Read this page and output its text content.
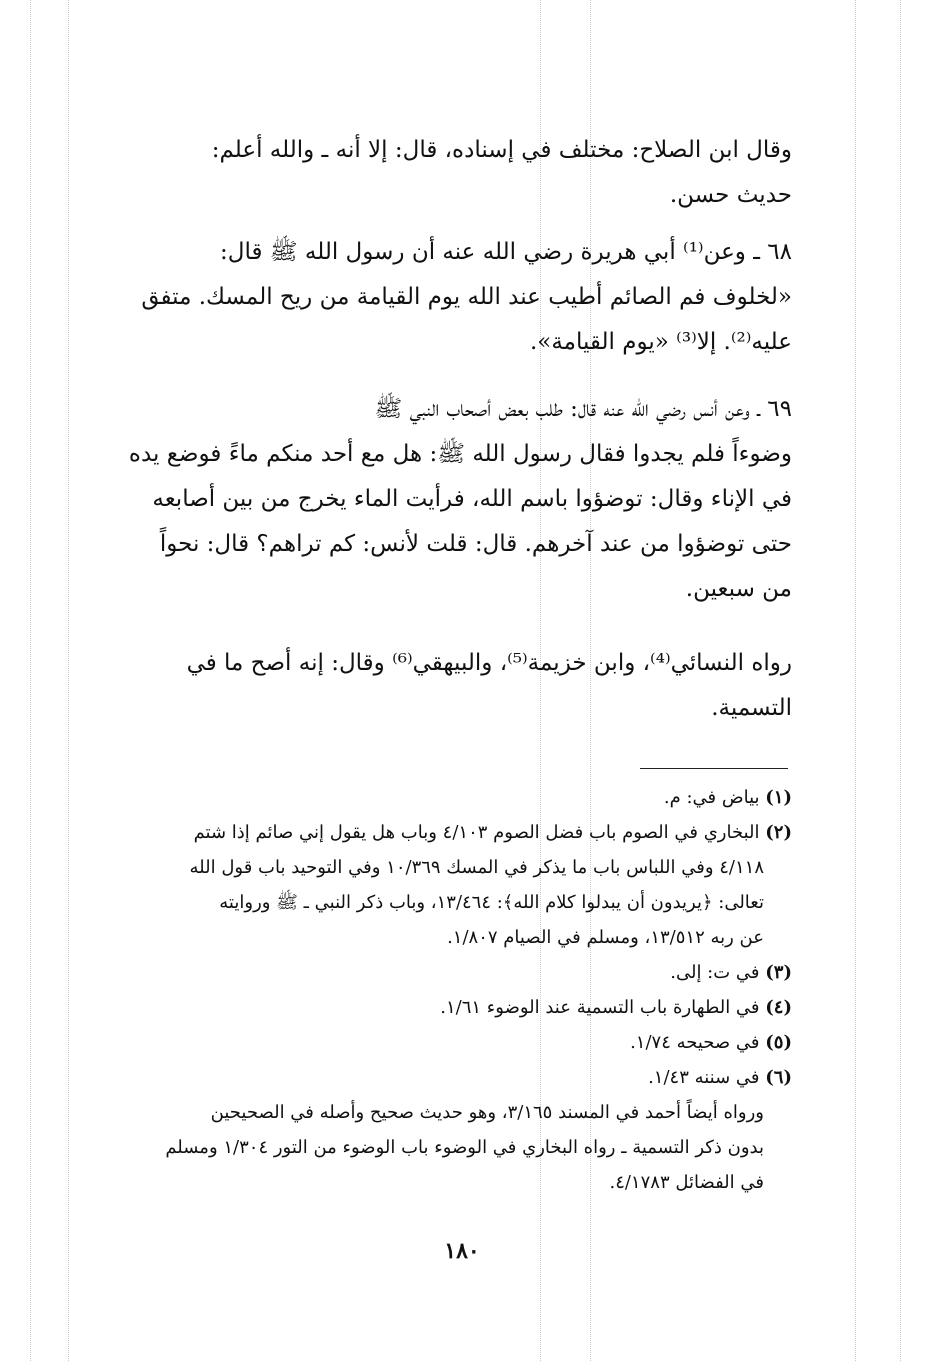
وقال ابن الصلاح: مختلف في إسناده، قال: إلا أنه ـ والله أعلم:
حديث حسن.
٦٨ ـ وعن⁽¹⁾ أبي هريرة رضي الله عنه أن رسول الله ﷺ قال:
«لخلوف فم الصائم أطيب عند الله يوم القيامة من ريح المسك. متفق
عليه⁽²⁾. إلا⁽³⁾ «يوم القيامة».
٦٩ ـ وعن أنس رضي الله عنه قال: طلب بعض أصحاب النبي ﷺ
وضوءاً فلم يجدوا فقال رسول الله ﷺ: هل مع أحد منكم ماءً فوضع يده
في الإناء وقال: توضؤوا باسم الله، فرأيت الماء يخرج من بين أصابعه
حتى توضؤوا من عند آخرهم. قال: قلت لأنس: كم تراهم؟ قال: نحواً
من سبعين.
رواه النسائي⁽⁴⁾، وابن خزيمة⁽⁵⁾، والبيهقي⁽⁶⁾ وقال: إنه أصح ما في
التسمية.

(١) بياض في: م.

(٢) البخاري في الصوم باب فضل الصوم ٤/١٠٣ وباب هل يقول إني صائم إذا شتم

٤/١١٨ وفي اللباس باب ما يذكر في المسك ١٠/٣٦٩ وفي التوحيد باب قول الله

تعالى: ﴿يريدون أن يبدلوا كلام الله﴾: ١٣/٤٦٤، وباب ذكر النبي ـ ﷺ وروايته

عن ربه ١٣/٥١٢، ومسلم في الصيام ١/٨٠٧.

(٣) في ت: إلى.

(٤) في الطهارة باب التسمية عند الوضوء ١/٦١.

(٥) في صحيحه ١/٧٤.

(٦) في سننه ١/٤٣.

ورواه أيضاً أحمد في المسند ٣/١٦٥، وهو حديث صحيح وأصله في الصحيحين

بدون ذكر التسمية ـ رواه البخاري في الوضوء باب الوضوء من التور ١/٣٠٤ ومسلم

في الفضائل ٤/١٧٨٣.

١٨٠
